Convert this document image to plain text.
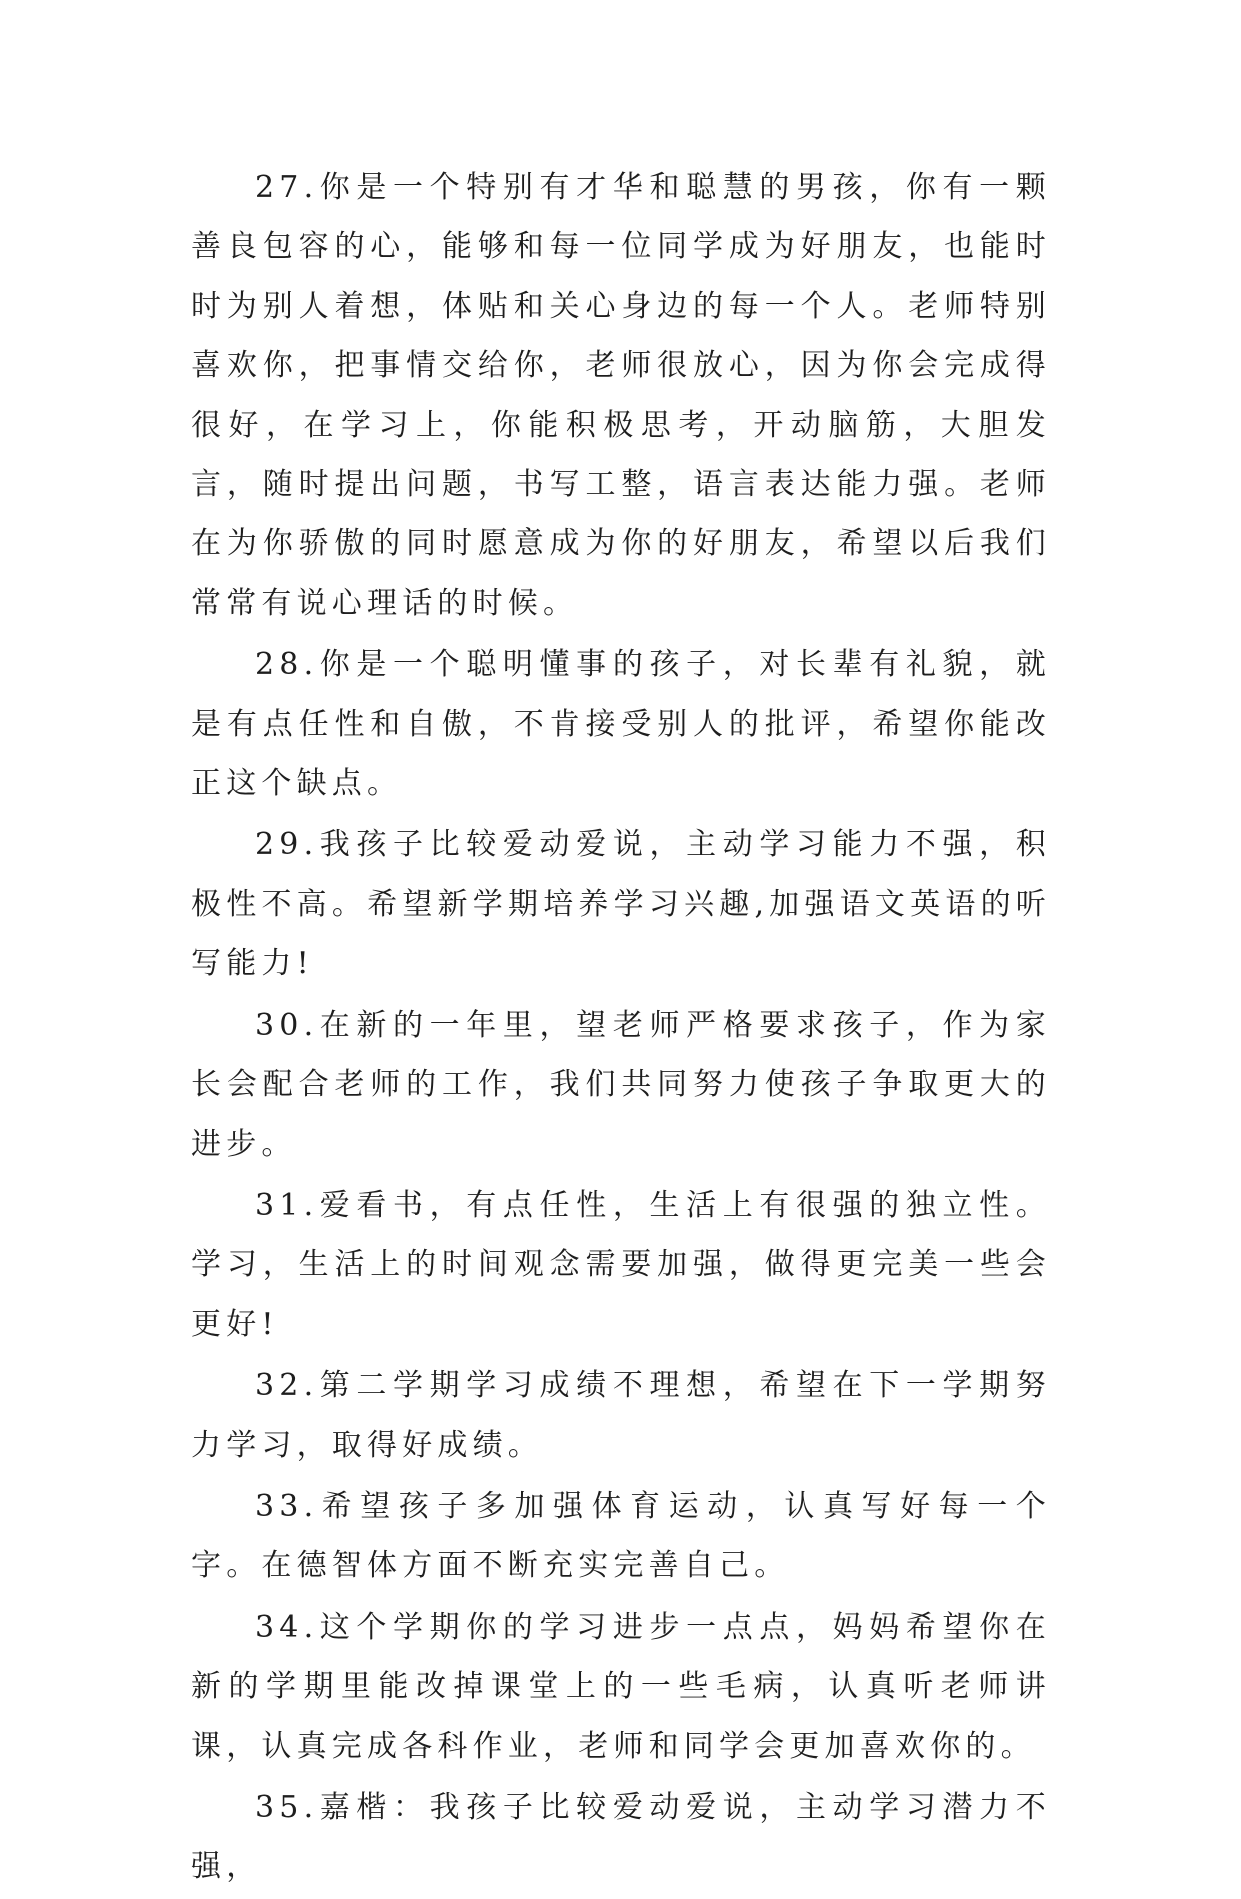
27.你是一个特别有才华和聪慧的男孩，你有一颗善良包容的心，能够和每一位同学成为好朋友，也能时时为别人着想，体贴和关心身边的每一个人。老师特别喜欢你，把事情交给你，老师很放心，因为你会完成得很好，在学习上，你能积极思考，开动脑筋，大胆发言，随时提出问题，书写工整，语言表达能力强。老师在为你骄傲的同时愿意成为你的好朋友，希望以后我们常常有说心理话的时候。

28.你是一个聪明懂事的孩子，对长辈有礼貌，就是有点任性和自傲，不肯接受别人的批评，希望你能改正这个缺点。

29.我孩子比较爱动爱说，主动学习能力不强，积极性不高。希望新学期培养学习兴趣,加强语文英语的听写能力!

30.在新的一年里，望老师严格要求孩子，作为家长会配合老师的工作，我们共同努力使孩子争取更大的进步。

31.爱看书，有点任性，生活上有很强的独立性。学习，生活上的时间观念需要加强，做得更完美一些会更好!

32.第二学期学习成绩不理想，希望在下一学期努力学习，取得好成绩。

33.希望孩子多加强体育运动，认真写好每一个字。在德智体方面不断充实完善自己。

34.这个学期你的学习进步一点点，妈妈希望你在新的学期里能改掉课堂上的一些毛病，认真听老师讲课，认真完成各科作业，老师和同学会更加喜欢你的。

35.嘉楷：我孩子比较爱动爱说，主动学习潜力不强，
